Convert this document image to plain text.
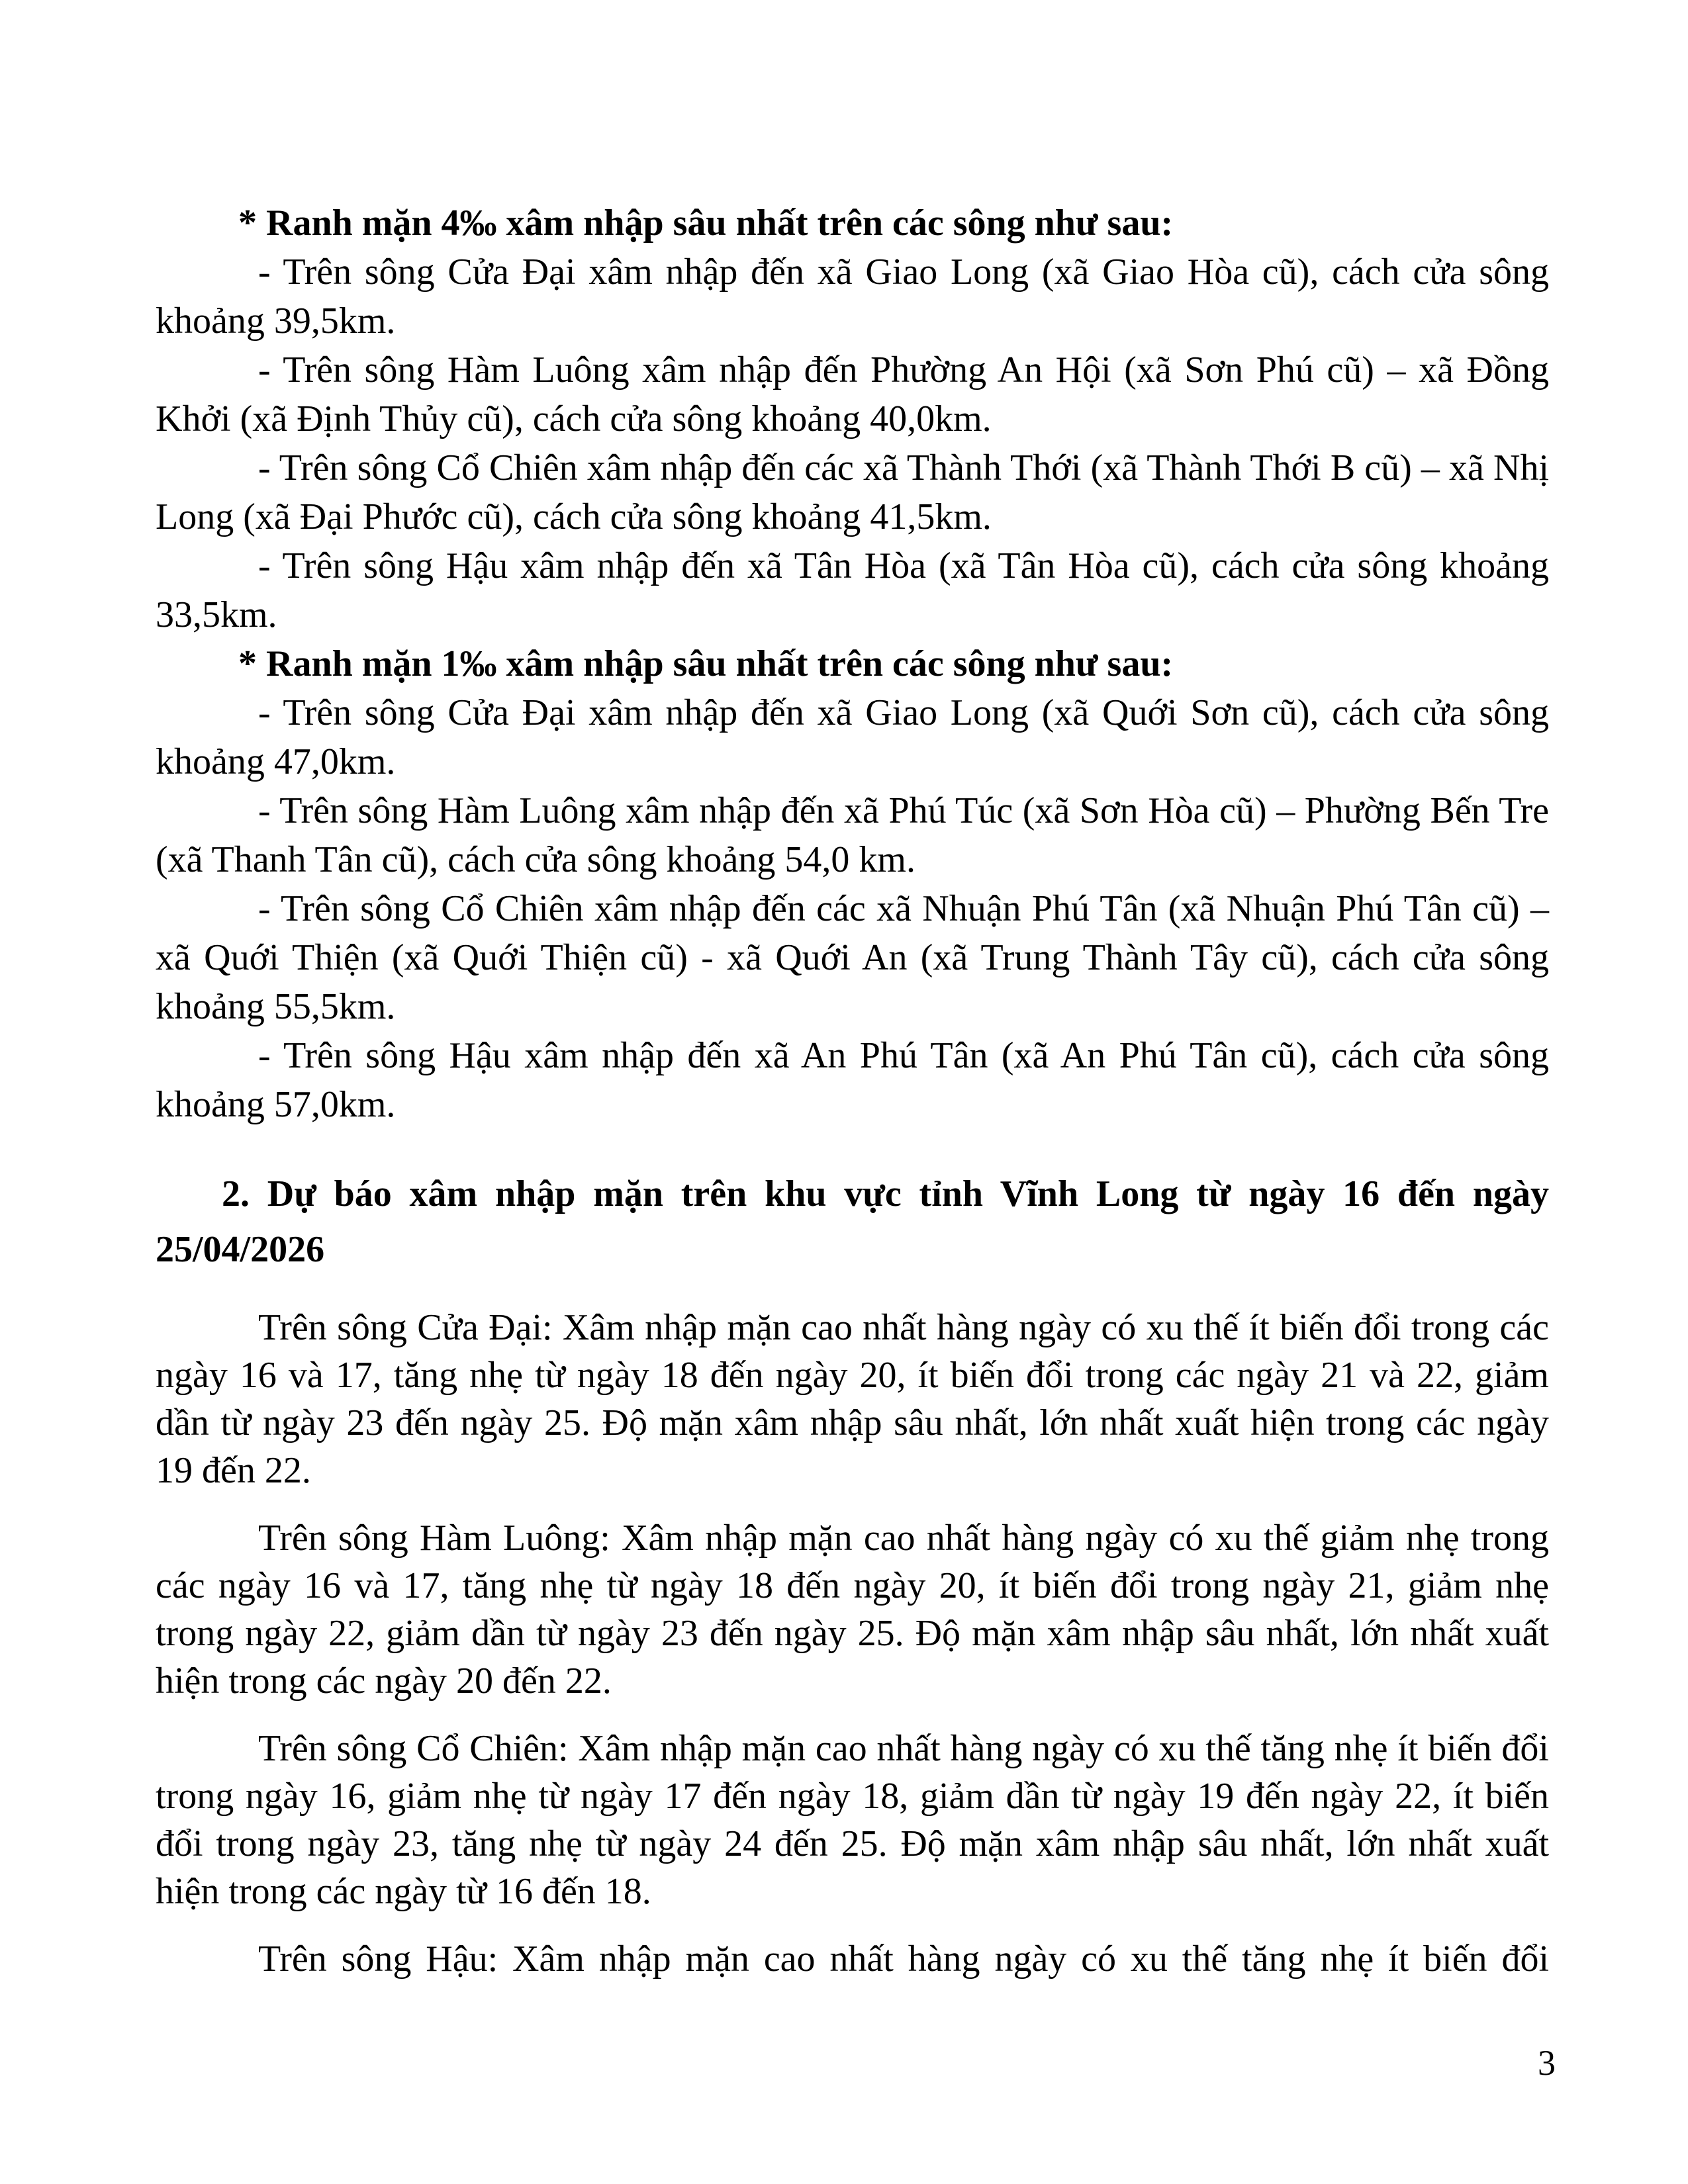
* Ranh mặn 4‰ xâm nhập sâu nhất trên các sông như sau:

- Trên sông Cửa Đại xâm nhập đến xã Giao Long (xã Giao Hòa cũ), cách cửa sông khoảng 39,5km.

- Trên sông Hàm Luông xâm nhập đến Phường An Hội (xã Sơn Phú cũ) – xã Đồng Khởi (xã Định Thủy cũ), cách cửa sông khoảng 40,0km.

- Trên sông Cổ Chiên xâm nhập đến các xã Thành Thới (xã Thành Thới B cũ) – xã Nhị Long (xã Đại Phước cũ), cách cửa sông khoảng 41,5km.

- Trên sông Hậu xâm nhập đến xã Tân Hòa (xã Tân Hòa cũ), cách cửa sông khoảng 33,5km.

* Ranh mặn 1‰ xâm nhập sâu nhất trên các sông như sau:

- Trên sông Cửa Đại xâm nhập đến xã Giao Long (xã Quới Sơn cũ), cách cửa sông khoảng 47,0km.

- Trên sông Hàm Luông xâm nhập đến xã Phú Túc (xã Sơn Hòa cũ) – Phường Bến Tre (xã Thanh Tân cũ), cách cửa sông khoảng 54,0 km.

- Trên sông Cổ Chiên xâm nhập đến các xã Nhuận Phú Tân (xã Nhuận Phú Tân cũ) – xã Quới Thiện (xã Quới Thiện cũ) - xã Quới An (xã Trung Thành Tây cũ), cách cửa sông khoảng 55,5km.

- Trên sông Hậu xâm nhập đến xã An Phú Tân (xã An Phú Tân cũ), cách cửa sông khoảng 57,0km.

2. Dự báo xâm nhập mặn trên khu vực tỉnh Vĩnh Long từ ngày 16 đến ngày
25/04/2026

Trên sông Cửa Đại: Xâm nhập mặn cao nhất hàng ngày có xu thế ít biến đổi trong các ngày 16 và 17, tăng nhẹ từ ngày 18 đến ngày 20, ít biến đổi trong các ngày 21 và 22, giảm dần từ ngày 23 đến ngày 25. Độ mặn xâm nhập sâu nhất, lớn nhất xuất hiện trong các ngày 19 đến 22.

Trên sông Hàm Luông: Xâm nhập mặn cao nhất hàng ngày có xu thế giảm nhẹ trong các ngày 16 và 17, tăng nhẹ từ ngày 18 đến ngày 20, ít biến đổi trong ngày 21, giảm nhẹ trong ngày 22, giảm dần từ ngày 23 đến ngày 25. Độ mặn xâm nhập sâu nhất, lớn nhất xuất hiện trong các ngày 20 đến 22.

Trên sông Cổ Chiên: Xâm nhập mặn cao nhất hàng ngày có xu thế tăng nhẹ ít biến đổi trong ngày 16, giảm nhẹ từ ngày 17 đến ngày 18, giảm dần từ ngày 19 đến ngày 22, ít biến đổi trong ngày 23, tăng nhẹ từ ngày 24 đến 25. Độ mặn xâm nhập sâu nhất, lớn nhất xuất hiện trong các ngày từ 16 đến 18.

Trên sông Hậu: Xâm nhập mặn cao nhất hàng ngày có xu thế tăng nhẹ ít biến đổi

3
